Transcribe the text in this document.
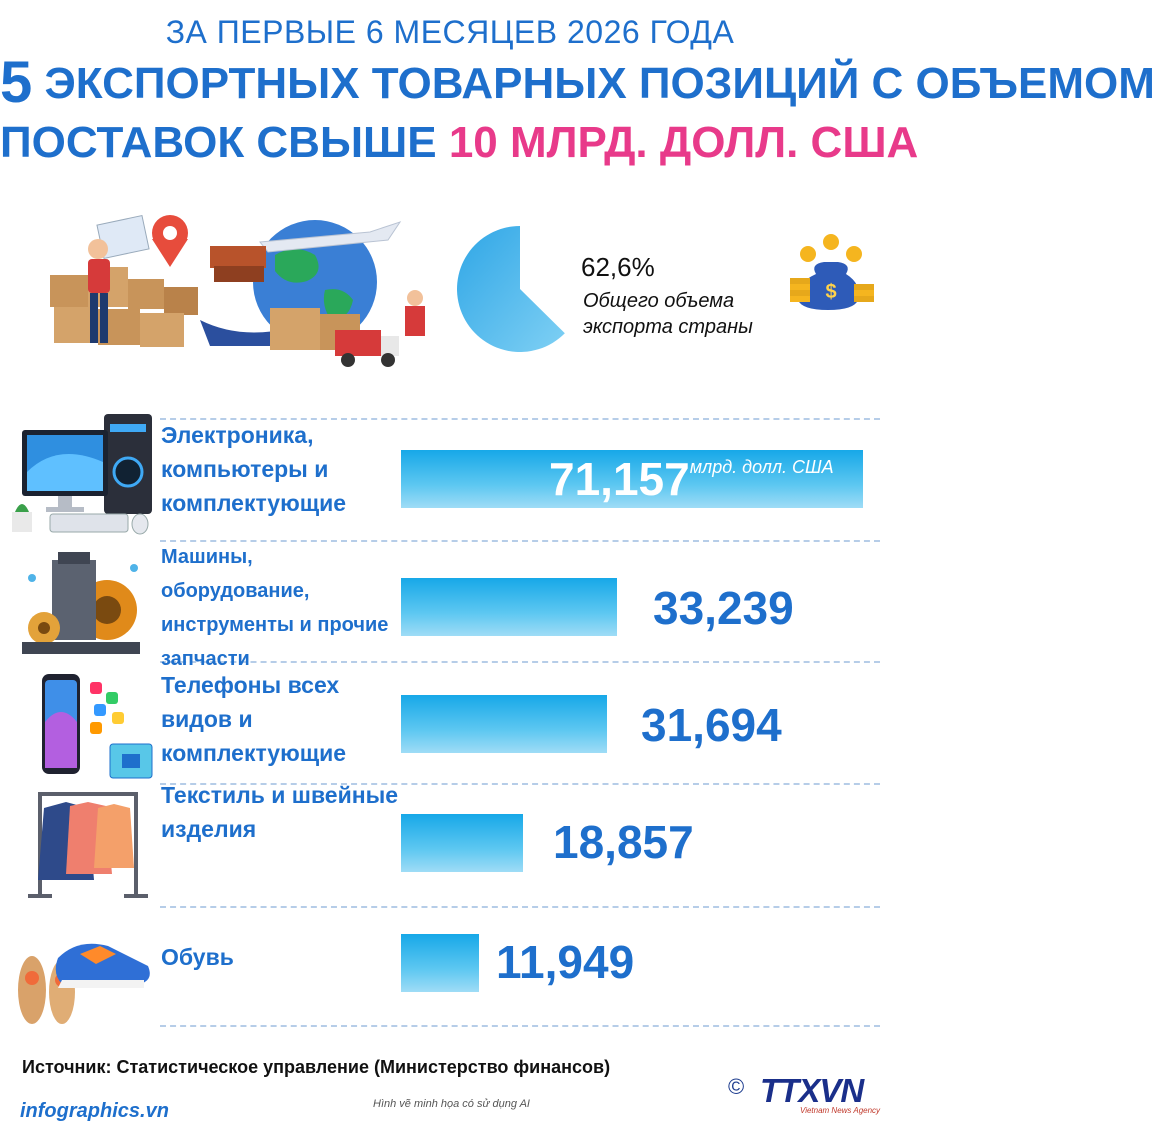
ЗА ПЕРВЫЕ 6 МЕСЯЦЕВ 2026 ГОДА
5 ЭКСПОРТНЫХ ТОВАРНЫХ ПОЗИЦИЙ С ОБЪЕМОМ
ПОСТАВОК СВЫШЕ 10 МЛРД. ДОЛЛ. США
62,6%
Общего объема
экспорта страны
$
Электроника,
компьютеры и
комплектующие
Машины,
оборудование,
инструменты и прочие
запчасти
Телефоны всех
видов и
комплектующие
Текстиль и швейные
изделия
Обувь
71,157млрд. долл. США
33,239
31,694
18,857
11,949
Источник: Статистическое управление (Министерство финансов)
infographics.vn	Hình vẽ minh họa có sử dụng AI
© TTXVN
Vietnam News Agency
